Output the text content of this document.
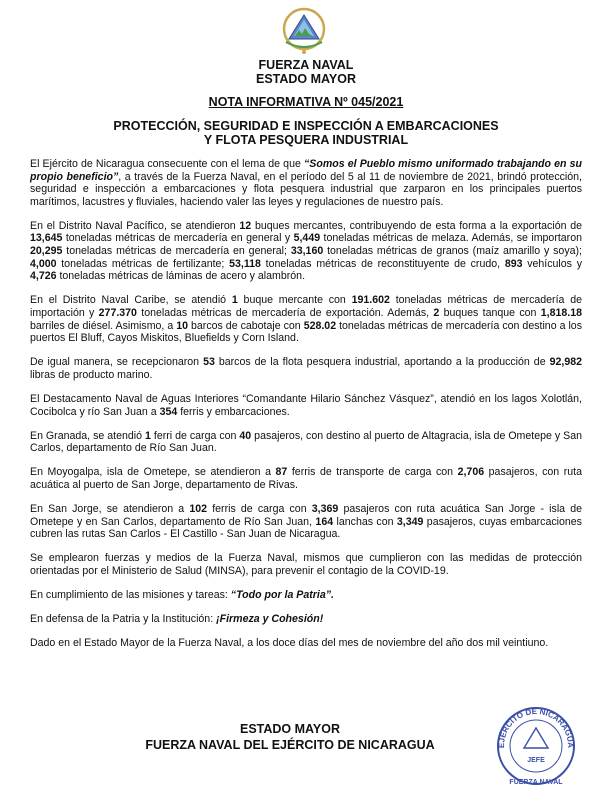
FUERZA NAVAL
ESTADO MAYOR
NOTA INFORMATIVA Nº 045/2021
PROTECCIÓN, SEGURIDAD E INSPECCIÓN A EMBARCACIONES
Y FLOTA PESQUERA INDUSTRIAL

El Ejército de Nicaragua consecuente con el lema de que “Somos el Pueblo mismo uniformado trabajando en su propio beneficio”, a través de la Fuerza Naval, en el período del 5 al 11 de noviembre de 2021, brindó protección, seguridad e inspección a embarcaciones y flota pesquera industrial que zarparon en los principales puertos marítimos, lacustres y fluviales, haciendo valer las leyes y regulaciones de nuestro país.

En el Distrito Naval Pacífico, se atendieron 12 buques mercantes, contribuyendo de esta forma a la exportación de 13,645 toneladas métricas de mercadería en general y 5,449 toneladas métricas de melaza. Además, se importaron 20,295 toneladas métricas de mercadería en general; 33,160 toneladas métricas de granos (maíz amarillo y soya); 4,000 toneladas métricas de fertilizante; 53,118 toneladas métricas de reconstituyente de crudo, 893 vehículos y 4,726 toneladas métricas de láminas de acero y alambrón.

En el Distrito Naval Caribe, se atendió 1 buque mercante con 191.602 toneladas métricas de mercadería de importación y 277.370 toneladas métricas de mercadería de exportación. Además, 2 buques tanque con 1,818.18 barriles de diésel. Asimismo, a 10 barcos de cabotaje con 528.02 toneladas métricas de mercadería con destino a los puertos El Bluff, Cayos Miskitos, Bluefields y Corn Island.

De igual manera, se recepcionaron 53 barcos de la flota pesquera industrial, aportando a la producción de 92,982 libras de producto marino.

El Destacamento Naval de Aguas Interiores “Comandante Hilario Sánchez Vásquez”, atendió en los lagos Xolotlán, Cocibolca y río San Juan a 354 ferris y embarcaciones.

En Granada, se atendió 1 ferri de carga con 40 pasajeros, con destino al puerto de Altagracia, isla de Ometepe y San Carlos, departamento de Río San Juan.

En Moyogalpa, isla de Ometepe, se atendieron a 87 ferris de transporte de carga con 2,706 pasajeros, con ruta acuática al puerto de San Jorge, departamento de Rivas.

En San Jorge, se atendieron a 102 ferris de carga con 3,369 pasajeros con ruta acuática San Jorge - isla de Ometepe y en San Carlos, departamento de Río San Juan, 164 lanchas con 3,349 pasajeros, cuyas embarcaciones cubren las rutas San Carlos - El Castillo - San Juan de Nicaragua.

Se emplearon fuerzas y medios de la Fuerza Naval, mismos que cumplieron con las medidas de protección orientadas por el Ministerio de Salud (MINSA), para prevenir el contagio de la COVID-19.

En cumplimiento de las misiones y tareas: “Todo por la Patria”.

En defensa de la Patria y la Institución: ¡Firmeza y Cohesión!

Dado en el Estado Mayor de la Fuerza Naval, a los doce días del mes de noviembre del año dos mil veintiuno.

ESTADO MAYOR
FUERZA NAVAL DEL EJÉRCITO DE NICARAGUA	EJÉRCITO DE NICARAGUA
JEFE
FUERZA NAVAL
